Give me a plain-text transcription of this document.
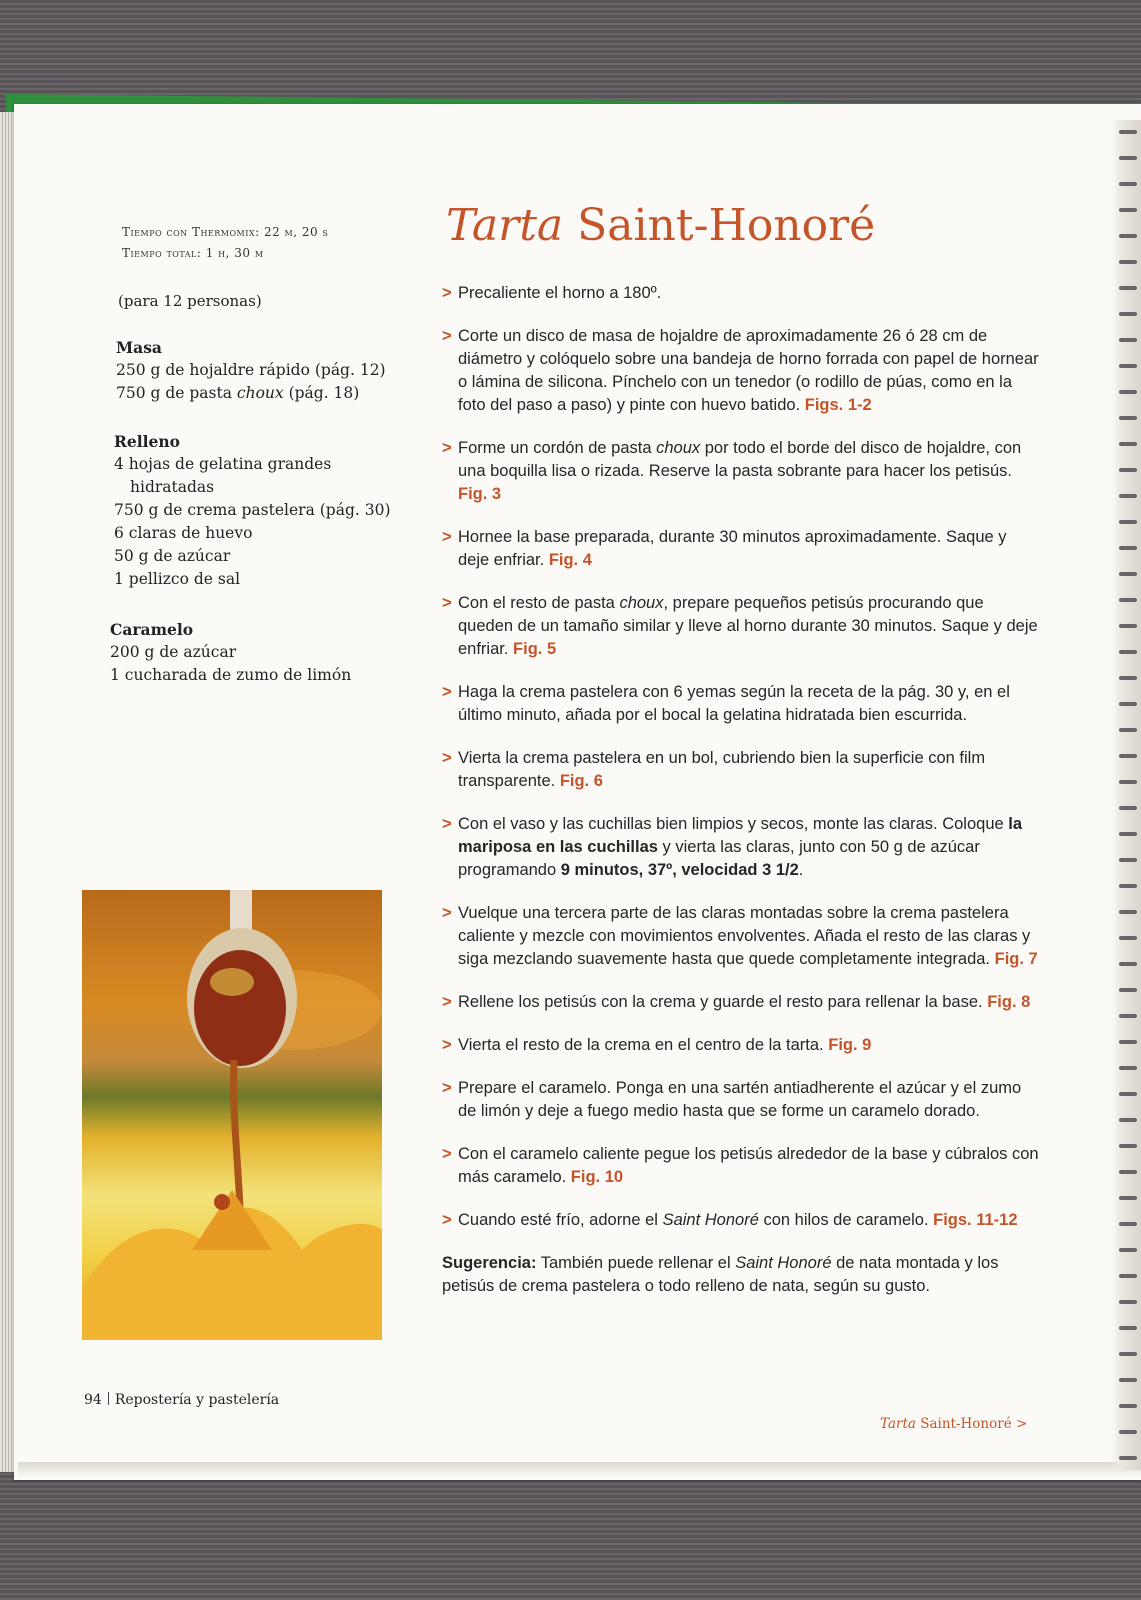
Tiempo con Thermomix: 22 m, 20 s
Tiempo total: 1 h, 30 m
(para 12 personas)
Masa
250 g de hojaldre rápido (pág. 12)
750 g de pasta choux (pág. 18)
Relleno
4 hojas de gelatina grandes
hidratadas
750 g de crema pastelera (pág. 30)
6 claras de huevo
50 g de azúcar
1 pellizco de sal
Caramelo
200 g de azúcar
1 cucharada de zumo de limón
Tarta Saint-Honoré
> Precaliente el horno a 180º.
> Corte un disco de masa de hojaldre de aproximadamente 26 ó 28 cm de diámetro y colóquelo sobre una bandeja de horno forrada con papel de hornear o lámina de silicona. Pínchelo con un tenedor (o rodillo de púas, como en la foto del paso a paso) y pinte con huevo batido. Figs. 1-2
> Forme un cordón de pasta choux por todo el borde del disco de hojaldre, con una boquilla lisa o rizada. Reserve la pasta sobrante para hacer los petisús. Fig. 3
> Hornee la base preparada, durante 30 minutos aproximadamente. Saque y deje enfriar. Fig. 4
> Con el resto de pasta choux, prepare pequeños petisús procurando que queden de un tamaño similar y lleve al horno durante 30 minutos. Saque y deje enfriar. Fig. 5
> Haga la crema pastelera con 6 yemas según la receta de la pág. 30 y, en el último minuto, añada por el bocal la gelatina hidratada bien escurrida.
> Vierta la crema pastelera en un bol, cubriendo bien la superficie con film transparente. Fig. 6
> Con el vaso y las cuchillas bien limpios y secos, monte las claras. Coloque la mariposa en las cuchillas y vierta las claras, junto con 50 g de azúcar programando 9 minutos, 37º, velocidad 3 1/2.
> Vuelque una tercera parte de las claras montadas sobre la crema pastelera caliente y mezcle con movimientos envolventes. Añada el resto de las claras y siga mezclando suavemente hasta que quede completamente integrada. Fig. 7
> Rellene los petisús con la crema y guarde el resto para rellenar la base. Fig. 8
> Vierta el resto de la crema en el centro de la tarta. Fig. 9
> Prepare el caramelo. Ponga en una sartén antiadherente el azúcar y el zumo de limón y deje a fuego medio hasta que se forme un caramelo dorado.
> Con el caramelo caliente pegue los petisús alrededor de la base y cúbralos con más caramelo. Fig. 10
> Cuando esté frío, adorne el Saint Honoré con hilos de caramelo. Figs. 11-12
Sugerencia: También puede rellenar el Saint Honoré de nata montada y los petisús de crema pastelera o todo relleno de nata, según su gusto.
94 Repostería y pastelería
Tarta Saint-Honoré >
